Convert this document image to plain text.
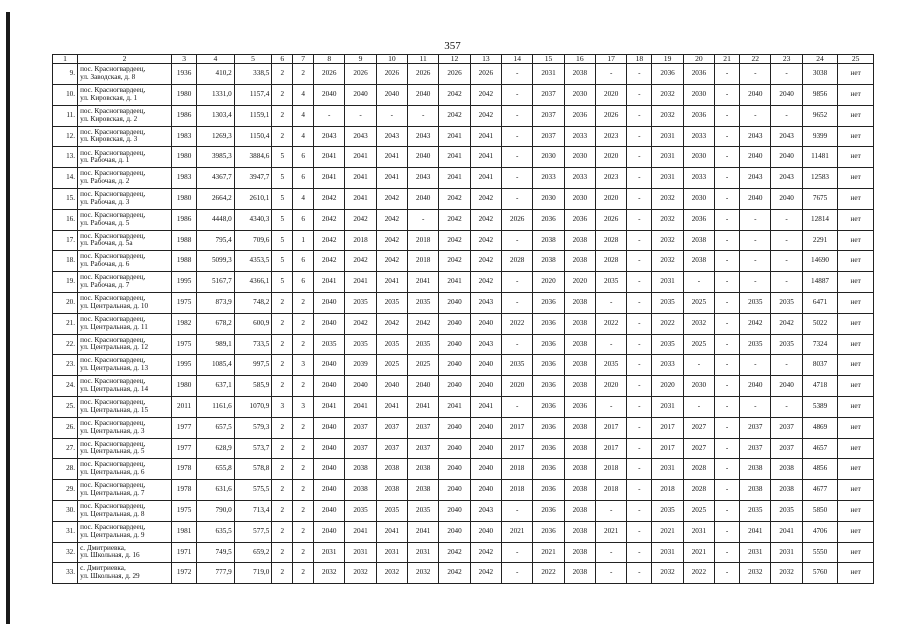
357
1	2	3	4	5	6	7	8	9	10	11	12	13	14	15	16	17	18	19	20	21	22	23	24	25
9.	пос. Красногвардеец,
ул. Заводская, д. 8	1936	410,2	338,5	2	2	2026	2026	2026	2026	2026	2026	-	2031	2038	-	-	2036	2036	-	-	-	3038	нет
10.	пос. Красногвардеец,
ул. Кировская, д. 1	1980	1331,0	1157,4	2	4	2040	2040	2040	2040	2042	2042	-	2037	2030	2020	-	2032	2030	-	2040	2040	9856	нет
11.	пос. Красногвардеец,
ул. Кировская, д. 2	1986	1303,4	1159,1	2	4	-	-	-	-	2042	2042	-	2037	2036	2026	-	2032	2036	-	-	-	9652	нет
12.	пос. Красногвардеец,
ул. Кировская, д. 3	1983	1269,3	1150,4	2	4	2043	2043	2043	2043	2041	2041	-	2037	2033	2023	-	2031	2033	-	2043	2043	9399	нет
13.	пос. Красногвардеец,
ул. Рабочая, д. 1	1980	3985,3	3884,6	5	6	2041	2041	2041	2040	2041	2041	-	2030	2030	2020	-	2031	2030	-	2040	2040	11481	нет
14.	пос. Красногвардеец,
ул. Рабочая, д. 2	1983	4367,7	3947,7	5	6	2041	2041	2041	2043	2041	2041	-	2033	2033	2023	-	2031	2033	-	2043	2043	12583	нет
15.	пос. Красногвардеец,
ул. Рабочая, д. 3	1980	2664,2	2610,1	5	4	2042	2041	2042	2040	2042	2042	-	2030	2030	2020	-	2032	2030	-	2040	2040	7675	нет
16.	пос. Красногвардеец,
ул. Рабочая, д. 5	1986	4448,0	4340,3	5	6	2042	2042	2042	-	2042	2042	2026	2036	2036	2026	-	2032	2036	-	-	-	12814	нет
17.	пос. Красногвардеец,
ул. Рабочая, д. 5а	1988	795,4	709,6	5	1	2042	2018	2042	2018	2042	2042	-	2038	2038	2028	-	2032	2038	-	-	-	2291	нет
18.	пос. Красногвардеец,
ул. Рабочая, д. 6	1988	5099,3	4353,5	5	6	2042	2042	2042	2018	2042	2042	2028	2038	2038	2028	-	2032	2038	-	-	-	14690	нет
19.	пос. Красногвардеец,
ул. Рабочая, д. 7	1995	5167,7	4366,1	5	6	2041	2041	2041	2041	2041	2042	-	2020	2020	2035	-	2031	-	-	-	-	14887	нет
20.	пос. Красногвардеец,
ул. Центральная, д. 10	1975	873,9	748,2	2	2	2040	2035	2035	2035	2040	2043	-	2036	2038	-	-	2035	2025	-	2035	2035	6471	нет
21.	пос. Красногвардеец,
ул. Центральная, д. 11	1982	678,2	600,9	2	2	2040	2042	2042	2042	2040	2040	2022	2036	2038	2022	-	2022	2032	-	2042	2042	5022	нет
22.	пос. Красногвардеец,
ул. Центральная, д. 12	1975	989,1	733,5	2	2	2035	2035	2035	2035	2040	2043	-	2036	2038	-	-	2035	2025	-	2035	2035	7324	нет
23.	пос. Красногвардеец,
ул. Центральная, д. 13	1995	1085,4	997,5	2	3	2040	2039	2025	2025	2040	2040	2035	2036	2038	2035	-	2033	-	-	-	-	8037	нет
24.	пос. Красногвардеец,
ул. Центральная, д. 14	1980	637,1	585,9	2	2	2040	2040	2040	2040	2040	2040	2020	2036	2038	2020	-	2020	2030	-	2040	2040	4718	нет
25.	пос. Красногвардеец,
ул. Центральная, д. 15	2011	1161,6	1070,9	3	3	2041	2041	2041	2041	2041	2041	-	2036	2036	-	-	2031	-	-	-	-	5389	нет
26.	пос. Красногвардеец,
ул. Центральная, д. 3	1977	657,5	579,3	2	2	2040	2037	2037	2037	2040	2040	2017	2036	2038	2017	-	2017	2027	-	2037	2037	4869	нет
27.	пос. Красногвардеец,
ул. Центральная, д. 5	1977	628,9	573,7	2	2	2040	2037	2037	2037	2040	2040	2017	2036	2038	2017	-	2017	2027	-	2037	2037	4657	нет
28.	пос. Красногвардеец,
ул. Центральная, д. 6	1978	655,8	578,8	2	2	2040	2038	2038	2038	2040	2040	2018	2036	2038	2018	-	2031	2028	-	2038	2038	4856	нет
29.	пос. Красногвардеец,
ул. Центральная, д. 7	1978	631,6	575,5	2	2	2040	2038	2038	2038	2040	2040	2018	2036	2038	2018	-	2018	2028	-	2038	2038	4677	нет
30.	пос. Красногвардеец,
ул. Центральная, д. 8	1975	790,0	713,4	2	2	2040	2035	2035	2035	2040	2043	-	2036	2038	-	-	2035	2025	-	2035	2035	5850	нет
31.	пос. Красногвардеец,
ул. Центральная, д. 9	1981	635,5	577,5	2	2	2040	2041	2041	2041	2040	2040	2021	2036	2038	2021	-	2021	2031	-	2041	2041	4706	нет
32.	с. Дмитриевка,
ул. Школьная, д. 16	1971	749,5	659,2	2	2	2031	2031	2031	2031	2042	2042	-	2021	2038	-	-	2031	2021	-	2031	2031	5550	нет
33.	с. Дмитриевка,
ул. Школьная, д. 29	1972	777,9	719,0	2	2	2032	2032	2032	2032	2042	2042	-	2022	2038	-	-	2032	2022	-	2032	2032	5760	нет
